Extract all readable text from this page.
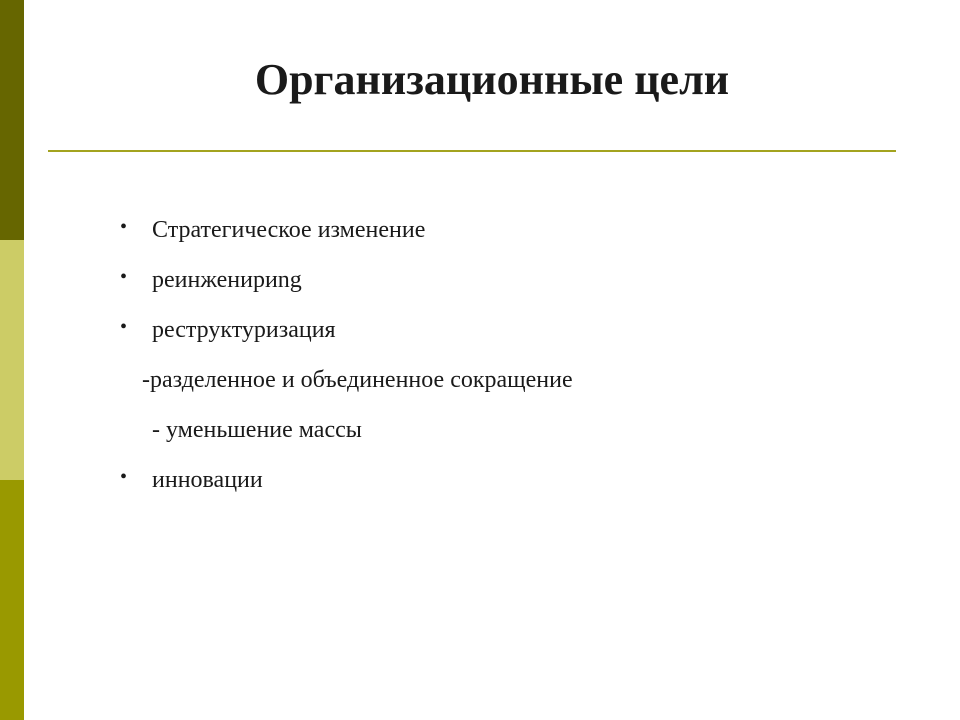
Организационные цели
• Стратегическое изменение
• реинженириng
• реструктуризация
-разделенное и объединенное сокращение
- уменьшение массы
• инновации
